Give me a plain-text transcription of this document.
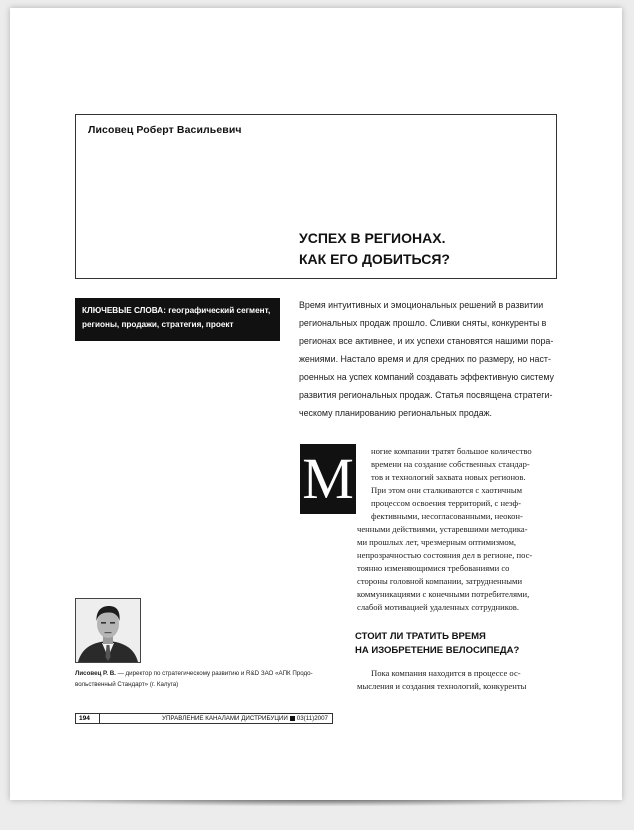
Лисовец Роберт Васильевич
УСПЕХ В РЕГИОНАХ.
КАК ЕГО ДОБИТЬСЯ?
КЛЮЧЕВЫЕ СЛОВА: географический сегмент,
регионы, продажи, стратегия, проект
Время интуитивных и эмоциональных решений в развитии
региональных продаж прошло. Сливки сняты, конкуренты в
регионах все активнее, и их успехи становятся нашими пора-
жениями. Настало время и для средних по размеру, но наст-
роенных на успех компаний создавать эффективную систему
развития региональных продаж. Статья посвящена стратеги-
ческому планированию региональных продаж.
М ногие компании тратят большое количество
времени на создание собственных стандар-
тов и технологий захвата новых регионов.
При этом они сталкиваются с хаотичным
процессом освоения территорий, с неэф-
фективными, несогласованными, неокон-
ченными действиями, устаревшими методика-
ми прошлых лет, чрезмерным оптимизмом,
непрозрачностью состояния дел в регионе, пос-
тоянно изменяющимися требованиями со
стороны головной компании, затрудненными
коммуникациями с конечными потребителями,
слабой мотивацией удаленных сотрудников.
СТОИТ ЛИ ТРАТИТЬ ВРЕМЯ
НА ИЗОБРЕТЕНИЕ ВЕЛОСИПЕДА?
Пока компания находится в процессе ос-
мысления и создания технологий, конкуренты
Лисовец Р. В. — директор по стратегическому развитию и R&D ЗАО «АПК Продо-
вольственный Стандарт» (г. Калуга)
194	УПРАВЛЕНИЕ КАНАЛАМИ ДИСТРИБУЦИИ 03(11)2007
